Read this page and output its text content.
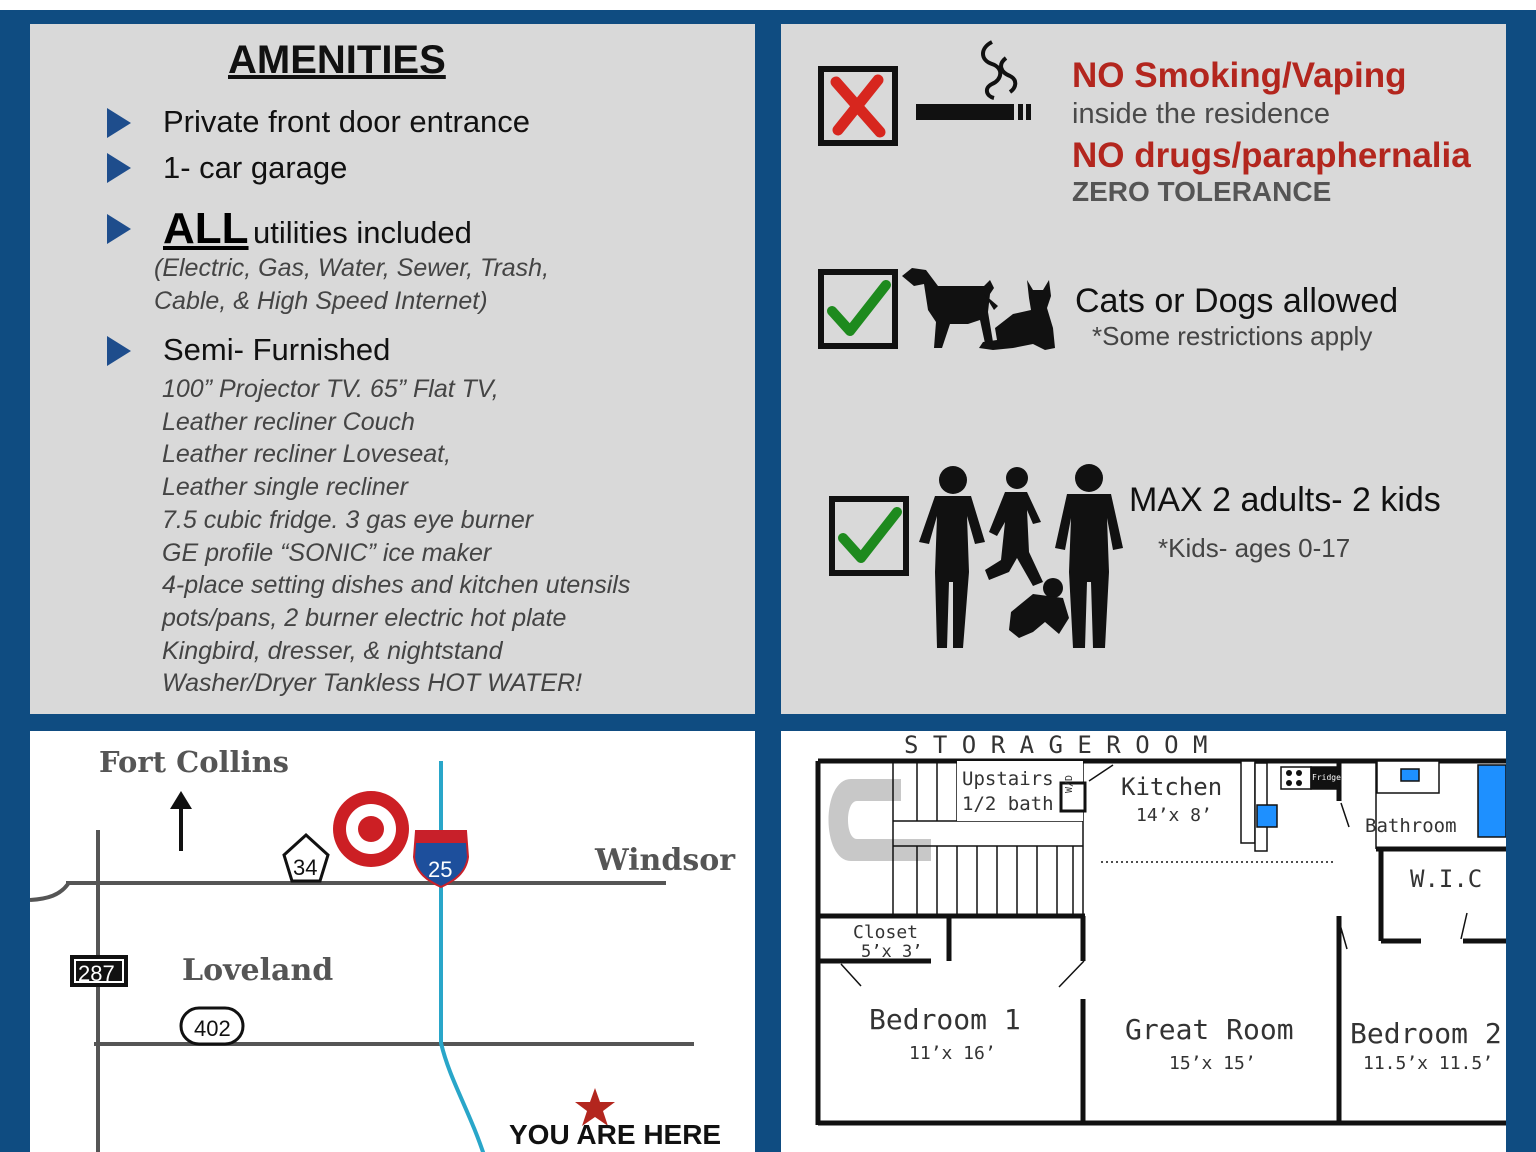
AMENITIES
Private front door entrance
1- car garage
ALL utilities included
(Electric, Gas, Water, Sewer, Trash,
Cable, & High Speed Internet)
Semi- Furnished
100” Projector TV. 65” Flat TV,
Leather recliner Couch
Leather recliner Loveseat,
Leather single recliner
7.5 cubic fridge. 3 gas eye burner
GE profile “SONIC” ice maker
4-place setting dishes and kitchen utensils
pots/pans, 2 burner electric hot plate
Kingbird, dresser, & nightstand
Washer/Dryer Tankless HOT WATER!
NO Smoking/Vaping
inside the residence
NO drugs/paraphernalia
ZERO TOLERANCE
Cats or Dogs allowed
*Some restrictions apply
MAX 2 adults- 2 kids
*Kids- ages 0-17
Fort Collins
Windsor
Loveland
34	25
287
402
YOU ARE HERE
S T O R A G E R O O M
Upstairs
1/2 bath
W/D Kitchen
14’x 8’
Fridge
Bathroom
W.I.C
Closet
5’x 3’
Bedroom 1
11’x 16’
Great Room
15’x 15’
Bedroom 2
11.5’x 11.5’
